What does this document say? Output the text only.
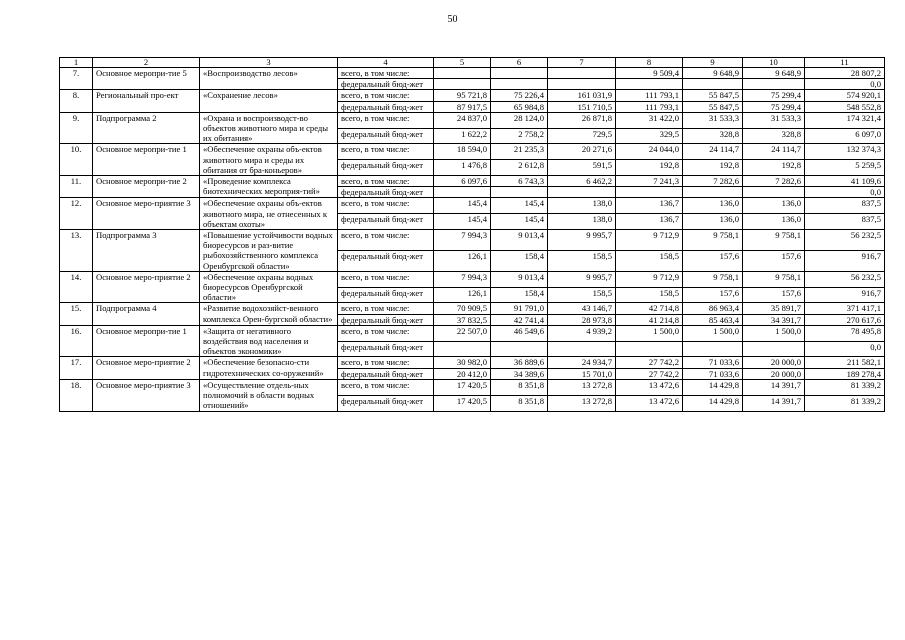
50
1	2	3	4	5	6	7	8	9	10	11
7.	Основное меропри-тие 5	«Воспроизводство лесов»	всего, в том числе:				9 509,4	9 648,9	9 648,9	28 807,2
			федеральный бюд-жет							0,0
8.	Региональный про-ект	«Сохранение лесов»	всего, в том числе:	95 721,8	75 226,4	161 031,9	111 793,1	55 847,5	75 299,4	574 920,1
			федеральный бюд-жет	87 917,5	65 984,8	151 710,5	111 793,1	55 847,5	75 299,4	548 552,8
9.	Подпрограмма 2	«Охрана и воспроизводст-во объектов животного мира и среды их обитания»	всего, в том числе:	24 837,0	28 124,0	26 871,8	31 422,0	31 533,3	31 533,3	174 321,4
			федеральный бюд-жет	1 622,2	2 758,2	729,5	329,5	328,8	328,8	6 097,0
10.	Основное меропри-тие 1	«Обеспечение охраны объ-ектов животного мира и среды их обитания от бра-коньеров»	всего, в том числе:	18 594,0	21 235,3	20 271,6	24 044,0	24 114,7	24 114,7	132 374,3
			федеральный бюд-жет	1 476,8	2 612,8	591,5	192,8	192,8	192,8	5 259,5
11.	Основное меропри-тие 2	«Проведение комплекса биотехнических мероприя-тий»	всего, в том числе:	6 097,6	6 743,3	6 462,2	7 241,3	7 282,6	7 282,6	41 109,6
			федеральный бюд-жет							0,0
12.	Основное меро-приятие 3	«Обеспечение охраны объ-ектов животного мира, не отнесенных к объектам охоты»	всего, в том числе:	145,4	145,4	138,0	136,7	136,0	136,0	837,5
			федеральный бюд-жет	145,4	145,4	138,0	136,7	136,0	136,0	837,5
13.	Подпрограмма 3	«Повышение устойчивости водных биоресурсов и раз-витие рыбохозяйственного комплекса Оренбургской области»	всего, в том числе:	7 994,3	9 013,4	9 995,7	9 712,9	9 758,1	9 758,1	56 232,5
			федеральный бюд-жет	126,1	158,4	158,5	158,5	157,6	157,6	916,7
14.	Основное меро-приятие 2	«Обеспечение охраны водных биоресурсов Оренбургской области»	всего, в том числе:	7 994,3	9 013,4	9 995,7	9 712,9	9 758,1	9 758,1	56 232,5
			федеральный бюд-жет	126,1	158,4	158,5	158,5	157,6	157,6	916,7
15.	Подпрограмма 4	«Развитие водохозяйст-венного комплекса Орен-бургской области»	всего, в том числе:	70 909,5	91 791,0	43 146,7	42 714,8	86 963,4	35 891,7	371 417,1
			федеральный бюд-жет	37 832,5	42 741,4	28 973,8	41 214,8	85 463,4	34 391,7	270 617,6
16.	Основное меропри-тие 1	«Защита от негативного воздействия вод населения и объектов экономики»	всего, в том числе:	22 507,0	46 549,6	4 939,2	1 500,0	1 500,0	1 500,0	78 495,8
			федеральный бюд-жет							0,0
17.	Основное меро-приятие 2	«Обеспечение безопасно-сти гидротехнических со-оружений»	всего, в том числе:	30 982,0	36 889,6	24 934,7	27 742,2	71 033,6	20 000,0	211 582,1
			федеральный бюд-жет	20 412,0	34 389,6	15 701,0	27 742,2	71 033,6	20 000,0	189 278,4
18.	Основное меро-приятие 3	«Осуществление отдель-ных полномочий в области водных отношений»	всего, в том числе:	17 420,5	8 351,8	13 272,8	13 472,6	14 429,8	14 391,7	81 339,2
			федеральный бюд-жет	17 420,5	8 351,8	13 272,8	13 472,6	14 429,8	14 391,7	81 339,2
